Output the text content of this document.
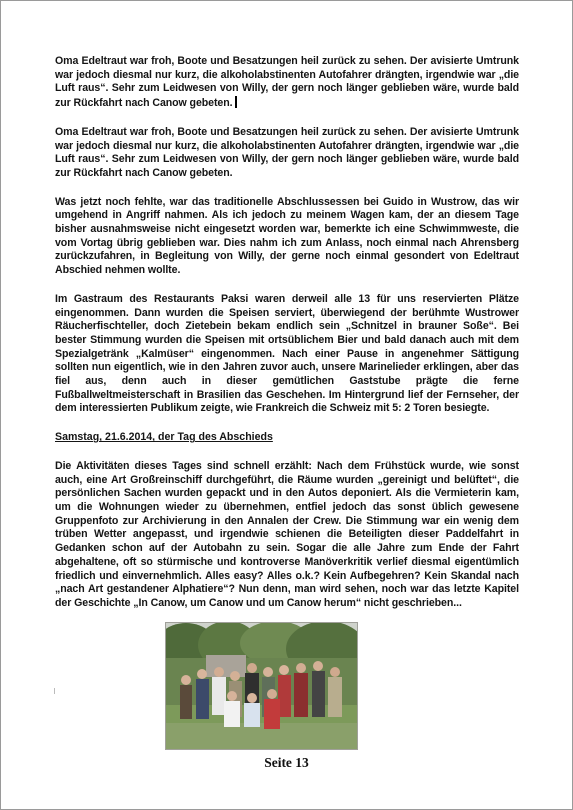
Oma Edeltraut war froh, Boote und Besatzungen heil zurück zu sehen. Der avisierte Umtrunk war jedoch diesmal nur kurz, die alkoholabstinenten Autofahrer drängten, irgendwie war „die Luft raus“. Sehr zum Leidwesen von Willy, der gern noch länger geblieben wäre, wurde bald zur Rückfahrt nach Canow gebeten.

Oma Edeltraut war froh, Boote und Besatzungen heil zurück zu sehen. Der avisierte Umtrunk war jedoch diesmal nur kurz, die alkoholabstinenten Autofahrer drängten, irgendwie war „die Luft raus“. Sehr zum Leidwesen von Willy, der gern noch länger geblieben wäre, wurde bald zur Rückfahrt nach Canow gebeten.

Was jetzt noch fehlte, war das traditionelle Abschlussessen bei Guido in Wustrow, das wir umgehend in Angriff nahmen. Als ich jedoch zu meinem Wagen kam, der an diesem Tage bisher ausnahmsweise nicht eingesetzt worden war, bemerkte ich eine Schwimmweste, die vom Vortag übrig geblieben war. Dies nahm ich zum Anlass, noch einmal nach Ahrensberg zurückzufahren, in Begleitung von Willy, der gerne noch einmal gesondert von Edeltraut Abschied nehmen wollte.

Im Gastraum des Restaurants Paksi waren derweil alle 13 für uns reservierten Plätze eingenommen. Dann wurden die Speisen serviert, überwiegend der berühmte Wustrower Räucherfischteller, doch Zietebein bekam endlich sein „Schnitzel in brauner Soße“. Bei bester Stimmung wurden die Speisen mit ortsüblichem Bier und bald danach auch mit dem Spezialgetränk „Kalmüser“ eingenommen. Nach einer Pause in angenehmer Sättigung sollten nun eigentlich, wie in den Jahren zuvor auch, unsere Marinelieder erklingen, aber das fiel aus, denn auch in dieser gemütlichen Gaststube prägte die ferne Fußballweltmeisterschaft in Brasilien das Geschehen. Im Hintergrund lief der Fernseher, der dem interessierten Publikum zeigte, wie Frankreich die Schweiz mit 5: 2 Toren besiegte.

Samstag, 21.6.2014, der Tag des Abschieds

Die Aktivitäten dieses Tages sind schnell erzählt: Nach dem Frühstück wurde, wie sonst auch, eine Art Großreinschiff durchgeführt, die Räume wurden „gereinigt und belüftet“, die persönlichen Sachen wurden gepackt und in den Autos deponiert. Als die Vermieterin kam, um die Wohnungen wieder zu übernehmen, entfiel jedoch das sonst üblich gewesene Gruppenfoto zur Archivierung in den Annalen der Crew. Die Stimmung war ein wenig dem trüben Wetter angepasst, und irgendwie schienen die Beteiligten dieser Paddelfahrt in Gedanken schon auf der Autobahn zu sein. Sogar die alle Jahre zum Ende der Fahrt abgehaltene, oft so stürmische und kontroverse Manöverkritik verlief diesmal eigentümlich friedlich und einvernehmlich. Alles easy? Alles o.k.? Kein Aufbegehren? Kein Skandal nach „nach Art gestandener Alphatiere“? Nun denn, man wird sehen, noch war das letzte Kapitel der Geschichte „In Canow, um Canow und um Canow herum“ nicht geschrieben...

Seite 13
